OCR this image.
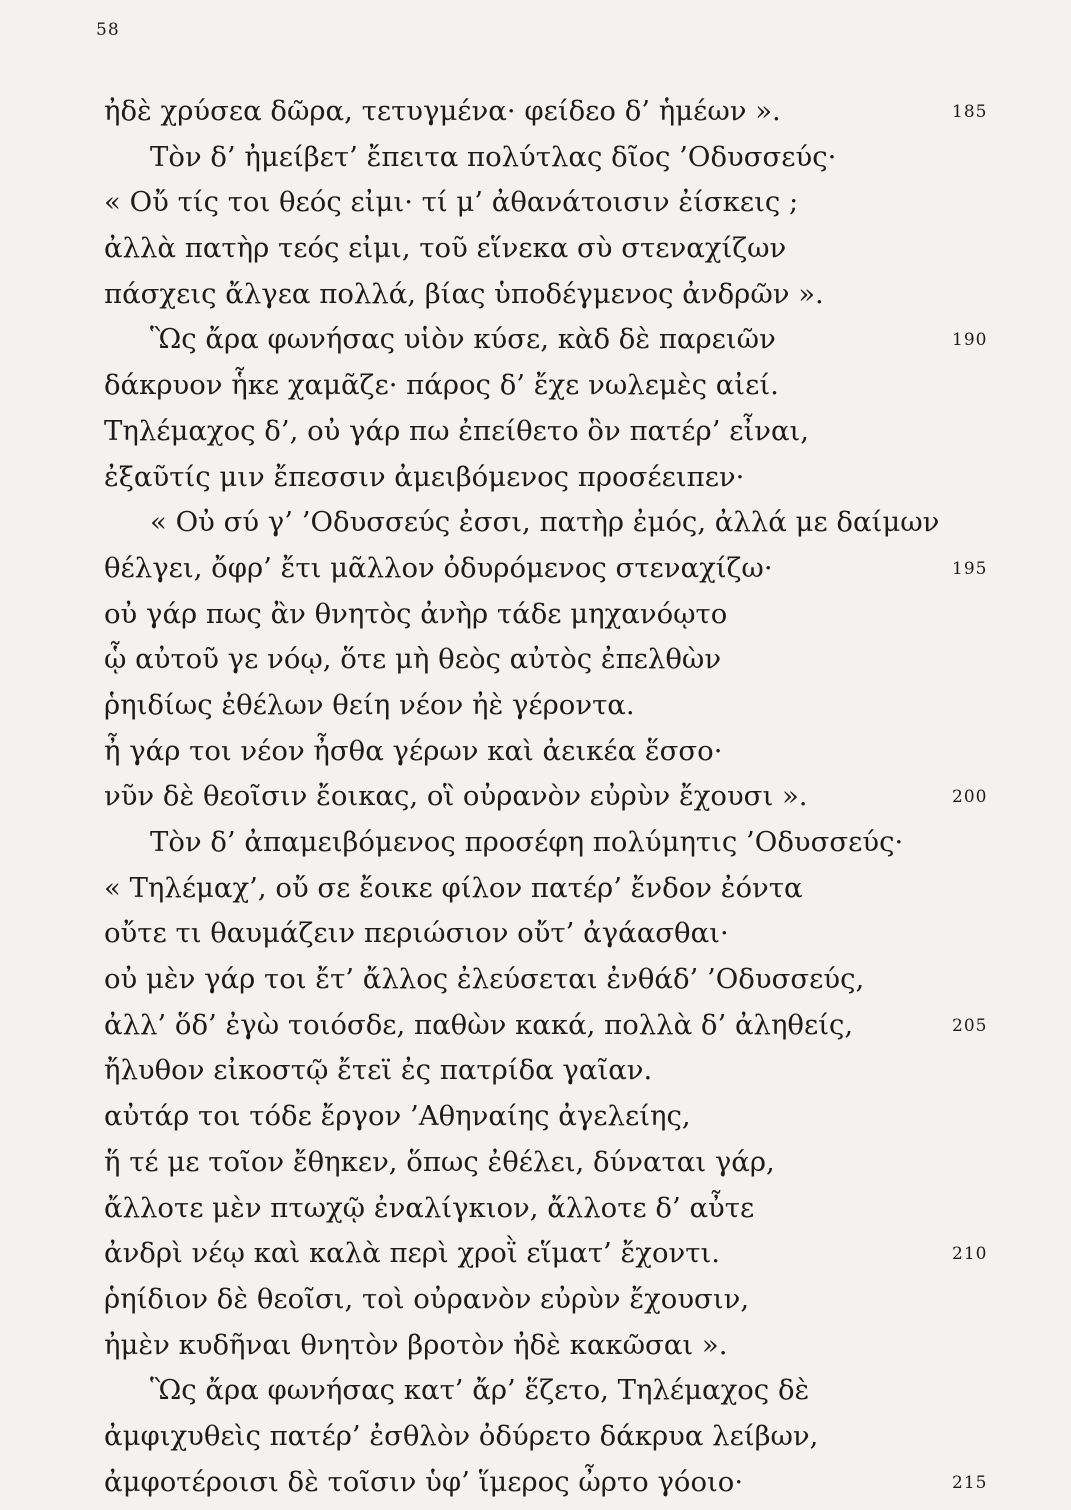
58
ἠδὲ χρύσεα δῶρα, τετυγμένα· φείδεο δ’ ἡμέων ».	185
Τὸν δ’ ἠμείβετ’ ἔπειτα πολύτλας δῖος ’Οδυσσεύς·
« Οὔ τίς τοι θεός εἰμι· τί μ’ ἀθανάτοισιν ἐίσκεις ;
ἀλλὰ πατὴρ τεός εἰμι, τοῦ εἵνεκα σὺ στεναχίζων
πάσχεις ἄλγεα πολλά, βίας ὑποδέγμενος ἀνδρῶν ».
Ὣς ἄρα φωνήσας υἱὸν κύσε, κὰδ δὲ παρειῶν	190
δάκρυον ἧκε χαμᾶζε· πάρος δ’ ἔχε νωλεμὲς αἰεί.
Τηλέμαχος δ’, οὐ γάρ πω ἐπείθετο ὃν πατέρ’ εἶναι,
ἐξαῦτίς μιν ἔπεσσιν ἀμειβόμενος προσέειπεν·
« Οὐ σύ γ’ ’Οδυσσεύς ἐσσι, πατὴρ ἐμός, ἀλλά με δαίμων
θέλγει, ὄφρ’ ἔτι μᾶλλον ὀδυρόμενος στεναχίζω·	195
οὐ γάρ πως ἂν θνητὸς ἀνὴρ τάδε μηχανόῳτο
ᾧ αὐτοῦ γε νόῳ, ὅτε μὴ θεὸς αὐτὸς ἐπελθὼν
ῥηιδίως ἐθέλων θείη νέον ἠὲ γέροντα.
ἦ γάρ τοι νέον ἦσθα γέρων καὶ ἀεικέα ἕσσο·
νῦν δὲ θεοῖσιν ἔοικας, οἳ οὐρανὸν εὐρὺν ἔχουσι ».	200
Τὸν δ’ ἀπαμειβόμενος προσέφη πολύμητις ’Οδυσσεύς·
« Τηλέμαχ’, οὔ σε ἔοικε φίλον πατέρ’ ἔνδον ἐόντα
οὔτε τι θαυμάζειν περιώσιον οὔτ’ ἀγάασθαι·
οὐ μὲν γάρ τοι ἔτ’ ἄλλος ἐλεύσεται ἐνθάδ’ ’Οδυσσεύς,
ἀλλ’ ὅδ’ ἐγὼ τοιόσδε, παθὼν κακά, πολλὰ δ’ ἀληθείς,	205
ἤλυθον εἰκοστῷ ἔτεϊ ἐς πατρίδα γαῖαν.
αὐτάρ τοι τόδε ἔργον ’Αθηναίης ἀγελείης,
ἥ τέ με τοῖον ἔθηκεν, ὅπως ἐθέλει, δύναται γάρ,
ἄλλοτε μὲν πτωχῷ ἐναλίγκιον, ἄλλοτε δ’ αὖτε
ἀνδρὶ νέῳ καὶ καλὰ περὶ χροῒ εἵματ’ ἔχοντι.	210
ῥηίδιον δὲ θεοῖσι, τοὶ οὐρανὸν εὐρὺν ἔχουσιν,
ἠμὲν κυδῆναι θνητὸν βροτὸν ἠδὲ κακῶσαι ».
Ὣς ἄρα φωνήσας κατ’ ἄρ’ ἕζετο, Τηλέμαχος δὲ
ἀμφιχυθεὶς πατέρ’ ἐσθλὸν ὀδύρετο δάκρυα λείβων,
ἀμφοτέροισι δὲ τοῖσιν ὑφ’ ἵμερος ὦρτο γόοιο·	215
